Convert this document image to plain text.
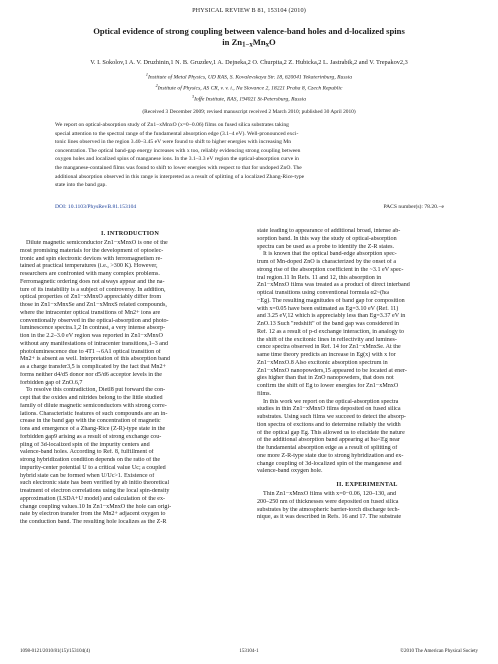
PHYSICAL REVIEW B 81, 153104 (2010)
Optical evidence of strong coupling between valence-band holes and d-localized spins
in $Zn_{1-x}Mn_xO$
V. I. Sokolov,1 A. V. Druzhinin,1 N. B. Gruzdev,1 A. Dejneka,2 O. Churpita,2 Z. Hubicka,2 L. Jastrabik,2 and V. Trepakov2,3
$^1$Institute of Metal Physics, UD RAS, S. Kovalevskaya Str. 18, 620041 Yekaterinburg, Russia
$^2$Institute of Physics, AS CR, v. v. i., Na Slovance 2, 18221 Praha 8, Czech Republic
$^3$Ioffe Institute, RAS, 194021 St-Petersburg, Russia
(Received 3 December 2009; revised manuscript received 2 March 2010; published 30 April 2010)
We report on optical-absorption study of Zn1−xMnxO (x=0−0.06) films on fused silica substrates taking
special attention to the spectral range of the fundamental absorption edge (3.1–4 eV). Well-pronounced exci-
tonic lines observed in the region 3.40–3.45 eV were found to shift to higher energies with increasing Mn
concentration. The optical band-gap energy increases with x too, reliably evidencing strong coupling between
oxygen holes and localized spins of manganese ions. In the 3.1–3.3 eV region the optical-absorption curve in
the manganese-contained films was found to shift to lower energies with respect to that for undoped ZnO. The
additional absorption observed in this range is interpreted as a result of splitting of a localized Zhang-Rice-type
state into the band gap.
DOI: 10.1103/PhysRevB.81.153104	PACS number(s): 78.20.−e
I. INTRODUCTION
Dilute magnetic semiconductor Zn1−xMnxO is one of the
most promising materials for the development of optoelec-
tronic and spin electronic devices with ferromagnetism re-
tained at practical temperatures (i.e., >300 K). However,
researchers are confronted with many complex problems.
Ferromagnetic ordering does not always appear and the na-
ture of its instability is a subject of controversy. In addition,
optical properties of Zn1−xMnxO appreciably differ from
those in Zn1−xMnxSe and Zn1−xMnxS related compounds,
where the intracenter optical transitions of Mn2+ ions are
conventionally observed in the optical-absorption and photo-
luminescence spectra.1,2 In contrast, a very intense absorp-
tion in the 2.2–3.0 eV region was reported in Zn1−xMnxO
without any manifestations of intracenter transitions,1–3 and
photoluminescence due to 4T1→6A1 optical transition of
Mn2+ is absent as well. Interpretation of this absorption band
as a charge transfer3,5 is complicated by the fact that Mn2+
forms neither d4/d5 donor nor d5/d6 acceptor levels in the
forbidden gap of ZnO.6,7
To resolve this contradiction, Dietl8 put forward the con-
cept that the oxides and nitrides belong to the little studied
family of dilute magnetic semiconductors with strong corre-
lations. Characteristic features of such compounds are an in-
crease in the band gap with the concentration of magnetic
ions and emergence of a Zhang-Rice (Z-R)-type state in the
forbidden gap9 arising as a result of strong exchange cou-
pling of 3d-localized spin of the impurity centers and
valence-band holes. According to Ref. 8, fulfillment of
strong hybridization condition depends on the ratio of the
impurity-center potential U to a critical value Uc; a coupled
hybrid state can be formed when U/Uc>1. Existence of
such electronic state has been verified by ab initio theoretical
treatment of electron correlations using the local spin-density
approximation (LSDA+U model) and calculation of the ex-
change coupling values.10 In Zn1−xMnxO the hole can origi-
nate by electron transfer from the Mn2+ adjacent oxygen to
the conduction band. The resulting hole localizes as the Z-R
state leading to appearance of additional broad, intense ab-
sorption band. In this way the study of optical-absorption
spectra can be used as a probe to identify the Z-R states.
It is known that the optical band-edge absorption spec-
trum of Mn-doped ZnO is characterized by the onset of a
strong rise of the absorption coefficient in the ~3.1 eV spec-
tral region.11 In Refs. 11 and 12, this absorption in
Zn1−xMnxO films was treated as a product of direct interband
optical transitions using conventional formula α2~(ħω
−Eg). The resulting magnitudes of band gap for composition
with x=0.05 have been estimated as Eg=3.10 eV (Ref. 11)
and 3.25 eV,12 which is appreciably less than Eg=3.37 eV in
ZnO.13 Such "redshift" of the band gap was considered in
Ref. 12 as a result of p-d exchange interaction, in analogy to
the shift of the excitonic lines in reflectivity and lumines-
cence spectra observed in Ref. 14 for Zn1−xMnxSe. At the
same time theory predicts an increase in Eg(x) with x for
Zn1−xMnxO.8 Also excitonic absorption spectrum in
Zn1−xMnxO nanopowders,15 appeared to be located at ener-
gies higher than that in ZnO nanopowders, that does not
confirm the shift of Eg to lower energies for Zn1−xMnxO
films.
In this work we report on the optical-absorption spectra
studies in thin Zn1−xMnxO films deposited on fused silica
substrates. Using such films we succeed to detect the absorp-
tion spectra of excitons and to determine reliably the width
of the optical gap Eg. This allowed us to elucidate the nature
of the additional absorption band appearing at ħω<Eg near
the fundamental absorption edge as a result of splitting of
one more Z-R-type state due to strong hybridization and ex-
change coupling of 3d-localized spin of the manganese and
valence-band oxygen hole.
II. EXPERIMENTAL
Thin Zn1−xMnxO films with x=0−0.06, 120–130, and
200–250 nm of thicknesses were deposited on fused silica
substrates by the atmospheric barrier-torch discharge tech-
nique, as it was described in Refs. 16 and 17. The substrate
1098-0121/2010/81(15)/153104(4)	153104-1	©2010 The American Physical Society
